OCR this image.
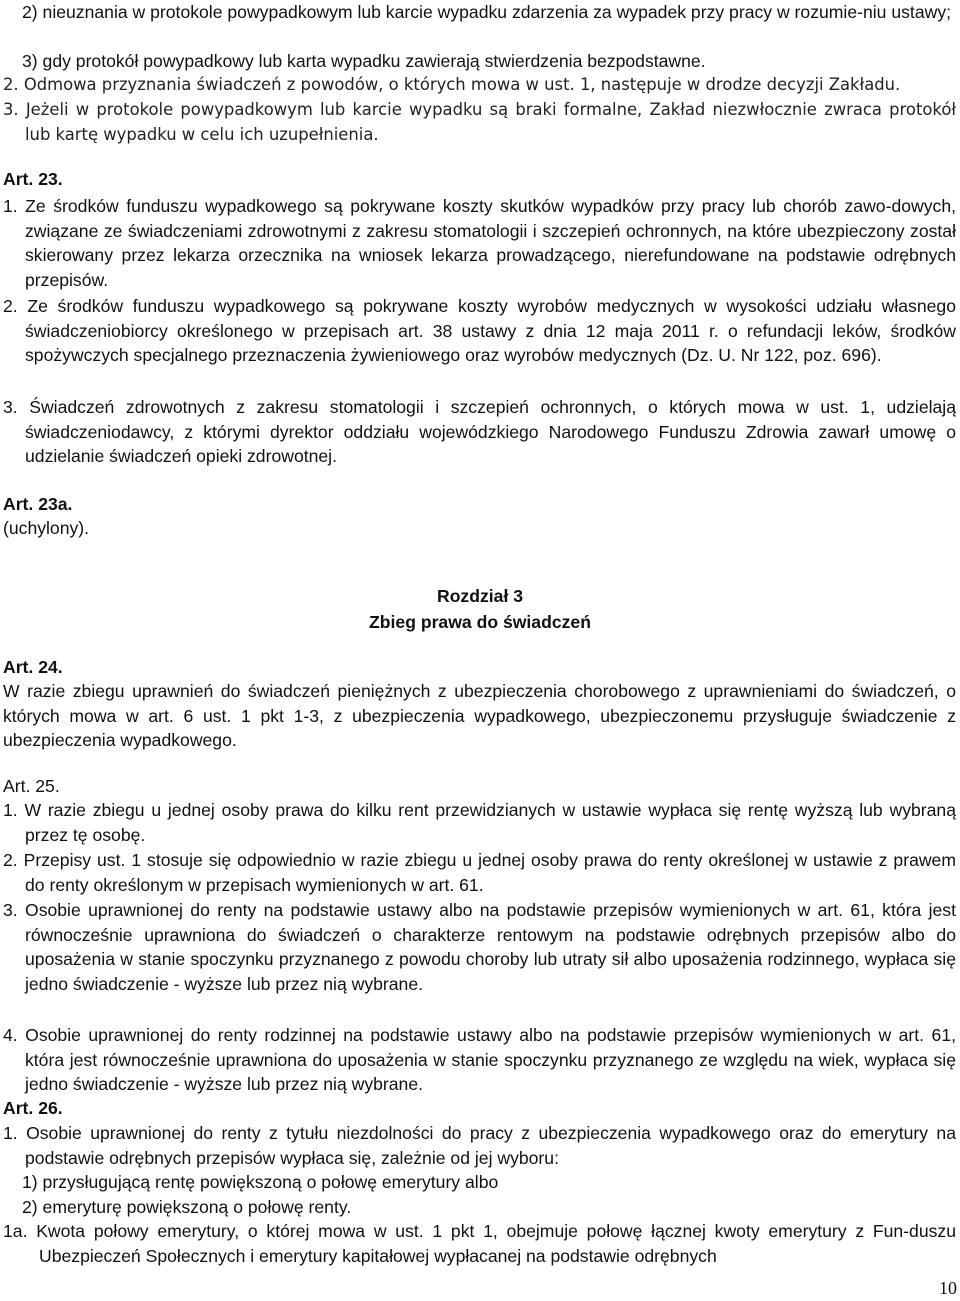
2) nieuznania w protokole powypadkowym lub karcie wypadku zdarzenia za wypadek przy pracy w rozumie-niu ustawy;

3) gdy protokół powypadkowy lub karta wypadku zawierają stwierdzenia bezpodstawne.

2. Odmowa przyznania świadczeń z powodów, o których mowa w ust. 1, następuje w drodze decyzji Zakładu.

3. Jeżeli w protokole powypadkowym lub karcie wypadku są braki formalne, Zakład niezwłocznie zwraca protokół lub kartę wypadku w celu ich uzupełnienia.

Art. 23.

1. Ze środków funduszu wypadkowego są pokrywane koszty skutków wypadków przy pracy lub chorób zawo-dowych, związane ze świadczeniami zdrowotnymi z zakresu stomatologii i szczepień ochronnych, na które ubezpieczony został skierowany przez lekarza orzecznika na wniosek lekarza prowadzącego, nierefundowane na podstawie odrębnych przepisów.

2. Ze środków funduszu wypadkowego są pokrywane koszty wyrobów medycznych w wysokości udziału własnego świadczeniobiorcy określonego w przepisach art. 38 ustawy z dnia 12 maja 2011 r. o refundacji leków, środków spożywczych specjalnego przeznaczenia żywieniowego oraz wyrobów medycznych (Dz. U. Nr 122, poz. 696).

3. Świadczeń zdrowotnych z zakresu stomatologii i szczepień ochronnych, o których mowa w ust. 1, udzielają świadczeniodawcy, z którymi dyrektor oddziału wojewódzkiego Narodowego Funduszu Zdrowia zawarł umowę o udzielanie świadczeń opieki zdrowotnej.

Art. 23a.

(uchylony).

Rozdział 3

Zbieg prawa do świadczeń

Art. 24.

W razie zbiegu uprawnień do świadczeń pieniężnych z ubezpieczenia chorobowego z uprawnieniami do świadczeń, o których mowa w art. 6 ust. 1 pkt 1-3, z ubezpieczenia wypadkowego, ubezpieczonemu przysługuje świadczenie z ubezpieczenia wypadkowego.

Art. 25.

1. W razie zbiegu u jednej osoby prawa do kilku rent przewidzianych w ustawie wypłaca się rentę wyższą lub wybraną przez tę osobę.

2. Przepisy ust. 1 stosuje się odpowiednio w razie zbiegu u jednej osoby prawa do renty określonej w ustawie z prawem do renty określonym w przepisach wymienionych w art. 61.

3. Osobie uprawnionej do renty na podstawie ustawy albo na podstawie przepisów wymienionych w art. 61, która jest równocześnie uprawniona do świadczeń o charakterze rentowym na podstawie odrębnych przepisów albo do uposażenia w stanie spoczynku przyznanego z powodu choroby lub utraty sił albo uposażenia rodzinnego, wypłaca się jedno świadczenie - wyższe lub przez nią wybrane.

4. Osobie uprawnionej do renty rodzinnej na podstawie ustawy albo na podstawie przepisów wymienionych w art. 61, która jest równocześnie uprawniona do uposażenia w stanie spoczynku przyznanego ze względu na wiek, wypłaca się jedno świadczenie - wyższe lub przez nią wybrane.

Art. 26.

1. Osobie uprawnionej do renty z tytułu niezdolności do pracy z ubezpieczenia wypadkowego oraz do emerytury na podstawie odrębnych przepisów wypłaca się, zależnie od jej wyboru:

1) przysługującą rentę powiększoną o połowę emerytury albo

2) emeryturę powiększoną o połowę renty.

1a. Kwota połowy emerytury, o której mowa w ust. 1 pkt 1, obejmuje połowę łącznej kwoty emerytury z Fun-duszu Ubezpieczeń Społecznych i emerytury kapitałowej wypłacanej na podstawie odrębnych

10
